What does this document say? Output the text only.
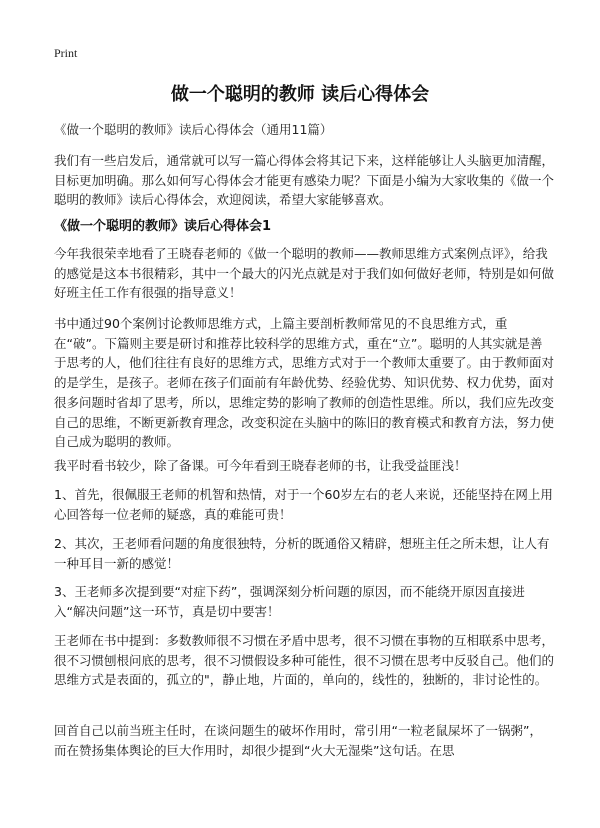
Print
做一个聪明的教师 读后心得体会
《做一个聪明的教师》读后心得体会（通用11篇）

我们有一些启发后，通常就可以写一篇心得体会将其记下来，这样能够让人头脑更加清醒，目标更加明确。那么如何写心得体会才能更有感染力呢？下面是小编为大家收集的《做一个聪明的教师》读后心得体会，欢迎阅读，希望大家能够喜欢。

《做一个聪明的教师》读后心得体会1

今年我很荣幸地看了王晓春老师的《做一个聪明的教师——教师思维方式案例点评》，给我的感觉是这本书很精彩，其中一个最大的闪光点就是对于我们如何做好老师，特别是如何做好班主任工作有很强的指导意义！

书中通过90个案例讨论教师思维方式，上篇主要剖析教师常见的不良思维方式，重在“破”。下篇则主要是研讨和推荐比较科学的思维方式，重在“立”。聪明的人其实就是善于思考的人，他们往往有良好的思维方式，思维方式对于一个教师太重要了。由于教师面对的是学生，是孩子。老师在孩子们面前有年龄优势、经验优势、知识优势、权力优势，面对很多问题时省却了思考，所以，思维定势的影响了教师的创造性思维。所以，我们应先改变自己的思维，不断更新教育理念，改变积淀在头脑中的陈旧的教育模式和教育方法，努力使自己成为聪明的教师。

我平时看书较少，除了备课。可今年看到王晓春老师的书，让我受益匪浅！

1、首先，很佩服王老师的机智和热情，对于一个60岁左右的老人来说，还能坚持在网上用心回答每一位老师的疑惑，真的难能可贵！

2、其次，王老师看问题的角度很独特，分析的既通俗又精辟，想班主任之所未想，让人有一种耳目一新的感觉！

3、王老师多次提到要“对症下药”，强调深刻分析问题的原因，而不能绕开原因直接进入“解决问题”这一环节，真是切中要害！

王老师在书中提到：多数教师很不习惯在矛盾中思考，很不习惯在事物的互相联系中思考，很不习惯刨根问底的思考，很不习惯假设多种可能性，很不习惯在思考中反驳自己。他们的思维方式是表面的，孤立的"，静止地，片面的，单向的，线性的，独断的，非讨论性的。

回首自己以前当班主任时，在谈问题生的破坏作用时，常引用“一粒老鼠屎坏了一锅粥”，而在赞扬集体舆论的巨大作用时，却很少提到“火大无湿柴”这句话。在思
